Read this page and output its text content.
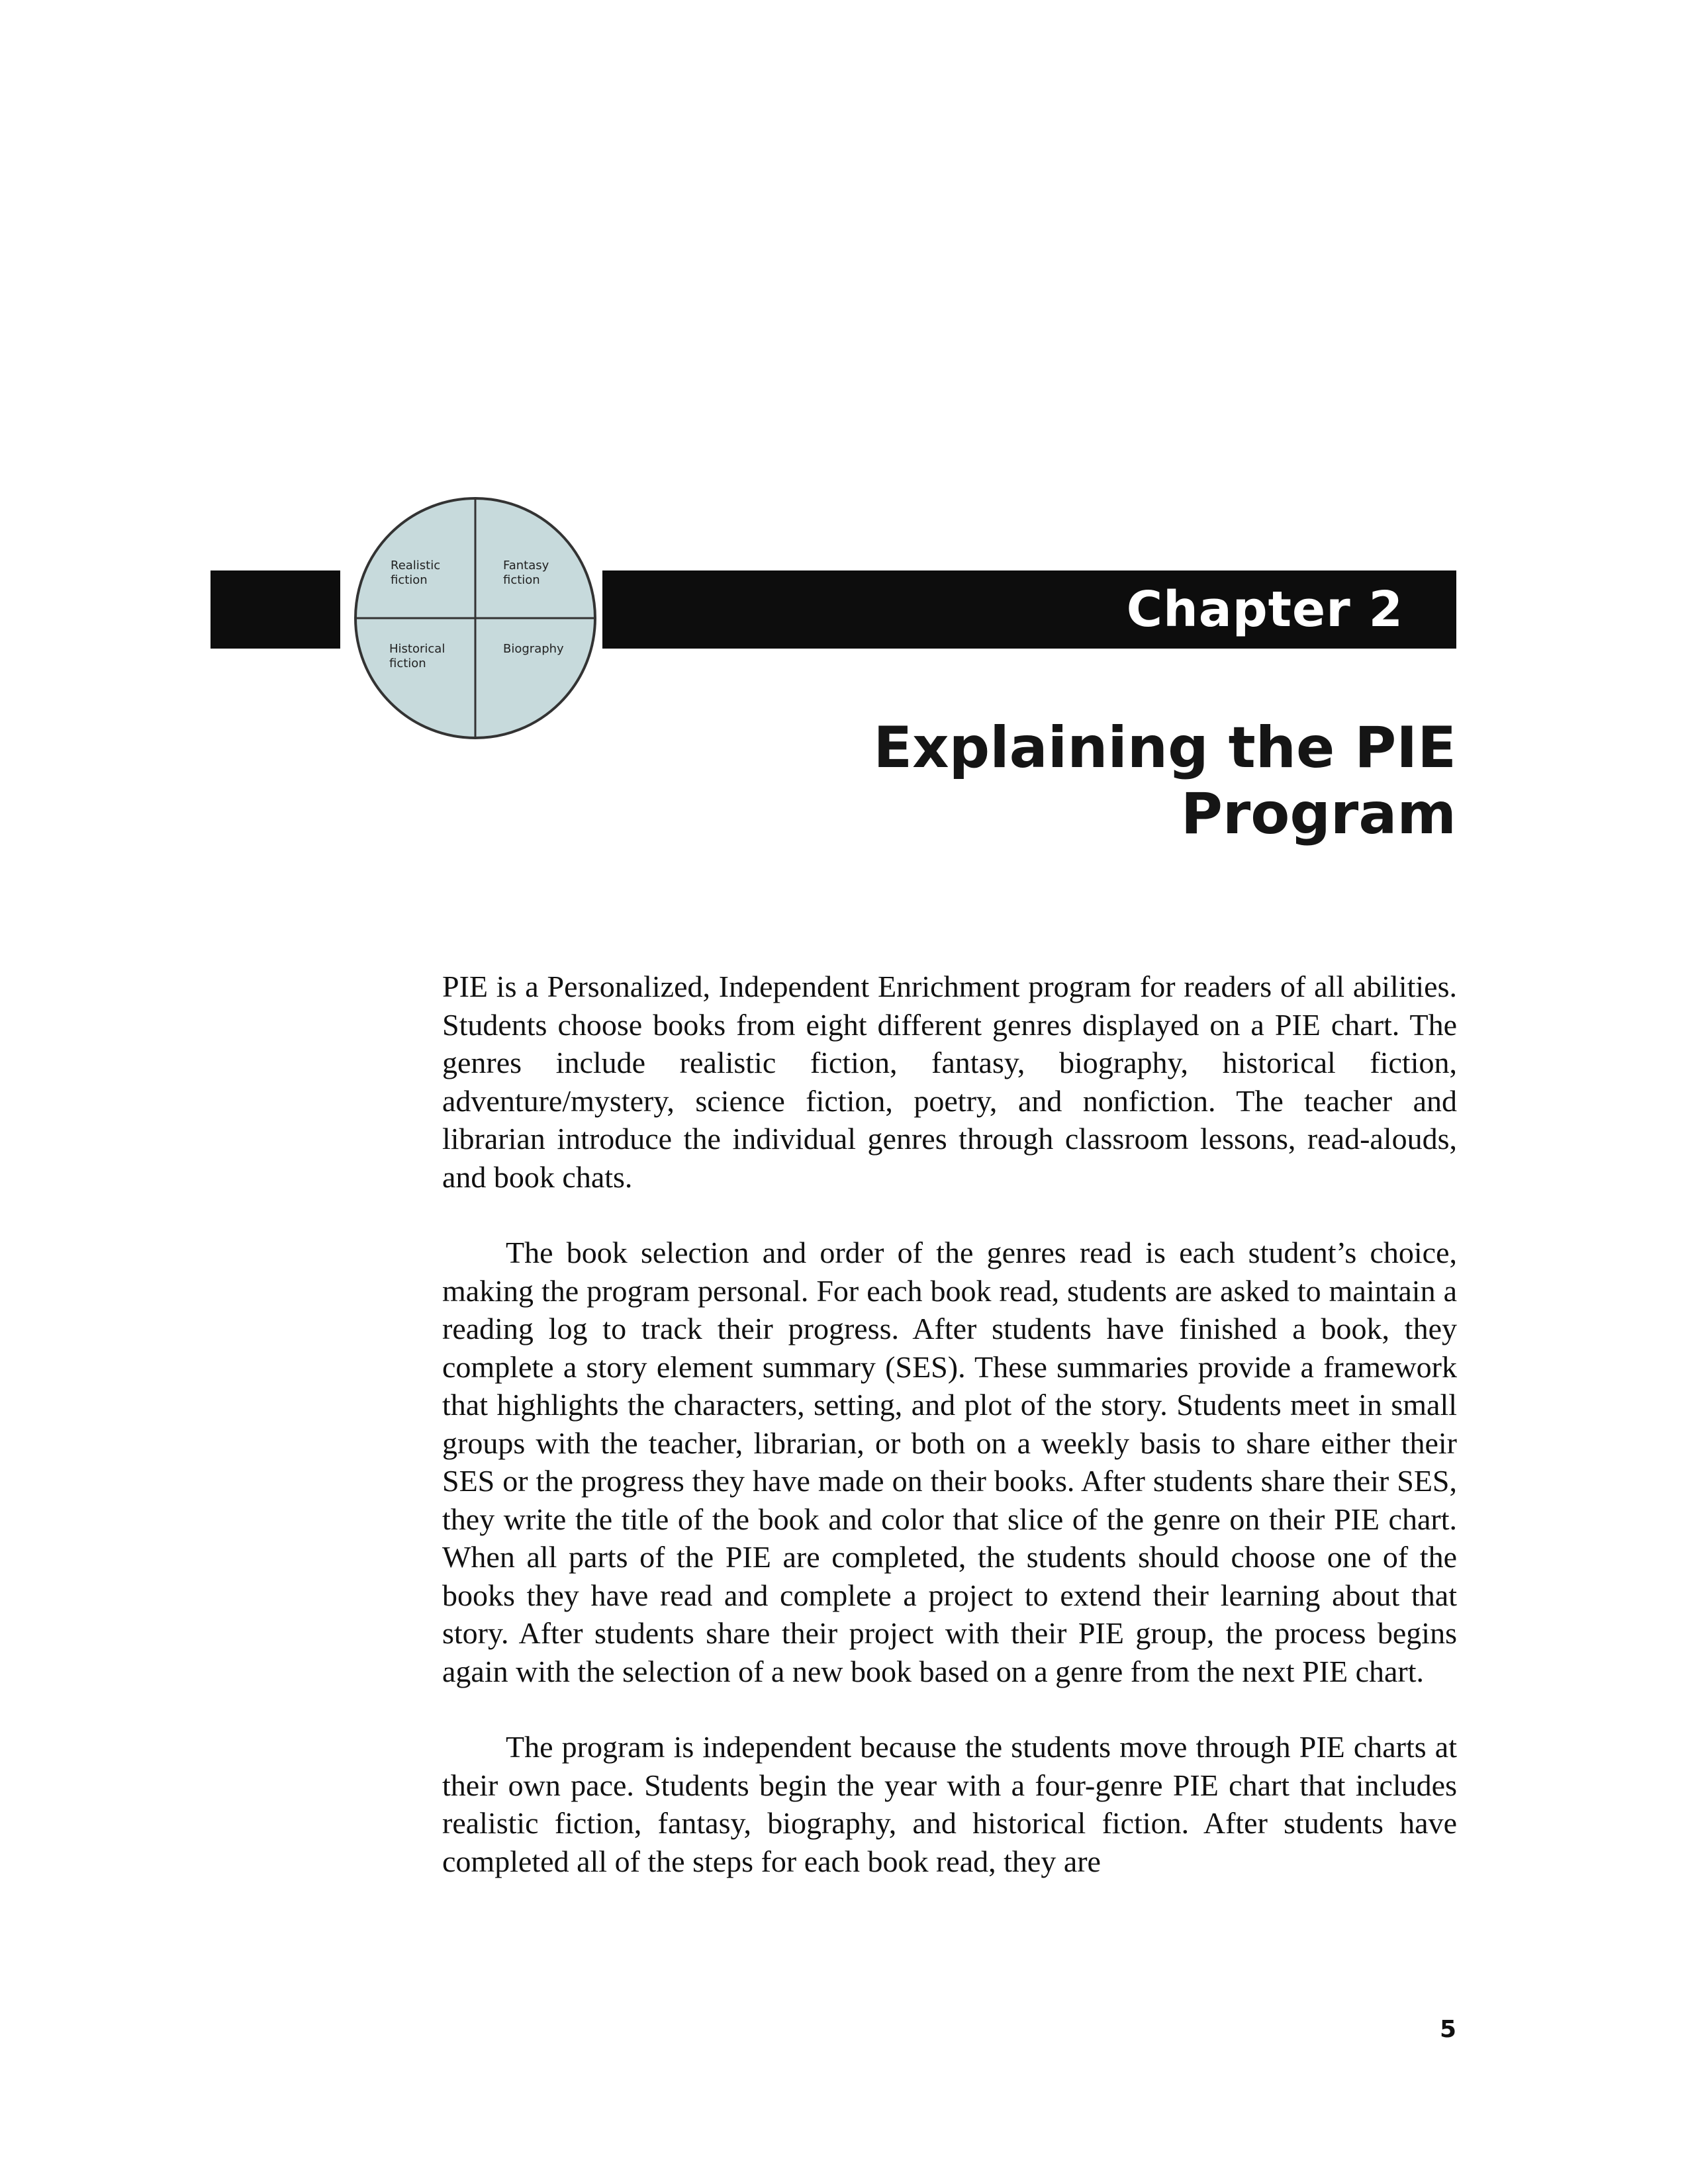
Chapter 2
Realistic fiction
Fantasy fiction
Historical fiction
Biography
Explaining the PIE Program

PIE is a Personalized, Independent Enrichment program for readers of all abilities. Students choose books from eight different genres displayed on a PIE chart. The genres include realistic fiction, fantasy, biography, historical fiction, adventure/mystery, science fiction, poetry, and nonfiction. The teacher and librarian introduce the individual genres through classroom lessons, read-alouds, and book chats.

The book selection and order of the genres read is each student’s choice, making the program personal. For each book read, students are asked to maintain a reading log to track their progress. After students have finished a book, they complete a story element summary (SES). These summaries provide a framework that highlights the characters, setting, and plot of the story. Students meet in small groups with the teacher, librarian, or both on a weekly basis to share either their SES or the progress they have made on their books. After students share their SES, they write the title of the book and color that slice of the genre on their PIE chart. When all parts of the PIE are completed, the students should choose one of the books they have read and complete a project to extend their learning about that story. After students share their project with their PIE group, the process begins again with the selection of a new book based on a genre from the next PIE chart.

The program is independent because the students move through PIE charts at their own pace. Students begin the year with a four-genre PIE chart that includes realistic fiction, fantasy, biography, and historical fiction. After students have completed all of the steps for each book read, they are

5
